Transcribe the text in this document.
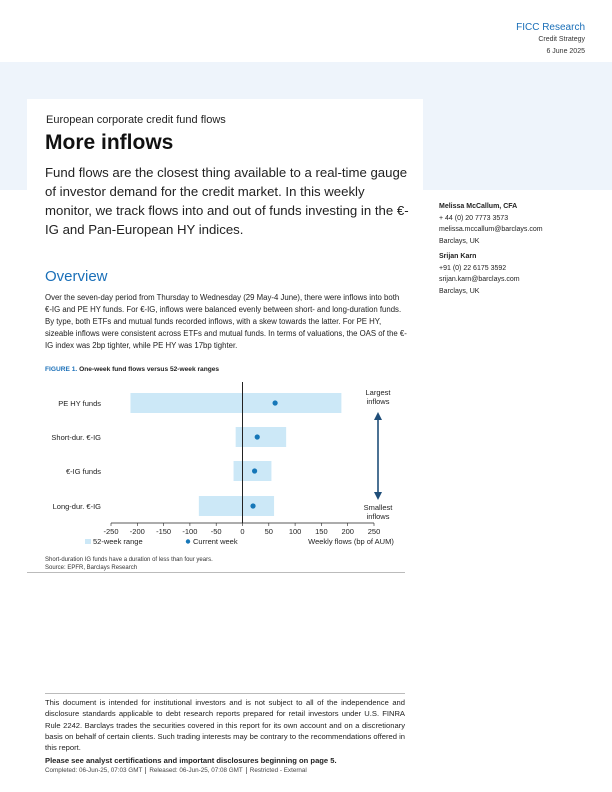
FICC Research
Credit Strategy
6 June 2025
European corporate credit fund flows
More inflows
Fund flows are the closest thing available to a real-time gauge of investor demand for the credit market. In this weekly monitor, we track flows into and out of funds investing in the €-IG and Pan-European HY indices.
Overview
Over the seven-day period from Thursday to Wednesday (29 May-4 June), there were inflows into both €-IG and PE HY funds. For €-IG, inflows were balanced evenly between short- and long-duration funds. By type, both ETFs and mutual funds recorded inflows, with a skew towards the latter. For PE HY, sizeable inflows were consistent across ETFs and mutual funds. In terms of valuations, the OAS of the €-IG index was 2bp tighter, while PE HY was 17bp tighter.
FIGURE 1. One-week fund flows versus 52-week ranges
PE HY funds
Short-dur. €-IG
€-IG funds
Long-dur. €-IG
-250 -200 -150 -100 -50	0	50 100 150 200 250
52-week range	Current week	Weekly flows (bp of AUM)
Largest
inflows
Smallest
inflows
Short-duration IG funds have a duration of less than four years.
Source: EPFR, Barclays Research
Melissa McCallum, CFA
+ 44 (0) 20 7773 3573
melissa.mccallum@barclays.com
Barclays, UK
Srijan Karn
+91 (0) 22 6175 3592
srijan.karn@barclays.com
Barclays, UK
This document is intended for institutional investors and is not subject to all of the independence and disclosure standards applicable to debt research reports prepared for retail investors under U.S. FINRA Rule 2242. Barclays trades the securities covered in this report for its own account and on a discretionary basis on behalf of certain clients. Such trading interests may be contrary to the recommendations offered in this report.
Please see analyst certifications and important disclosures beginning on page 5.
Completed: 06-Jun-25, 07:03 GMT Released: 06-Jun-25, 07:08 GMT Restricted - External
